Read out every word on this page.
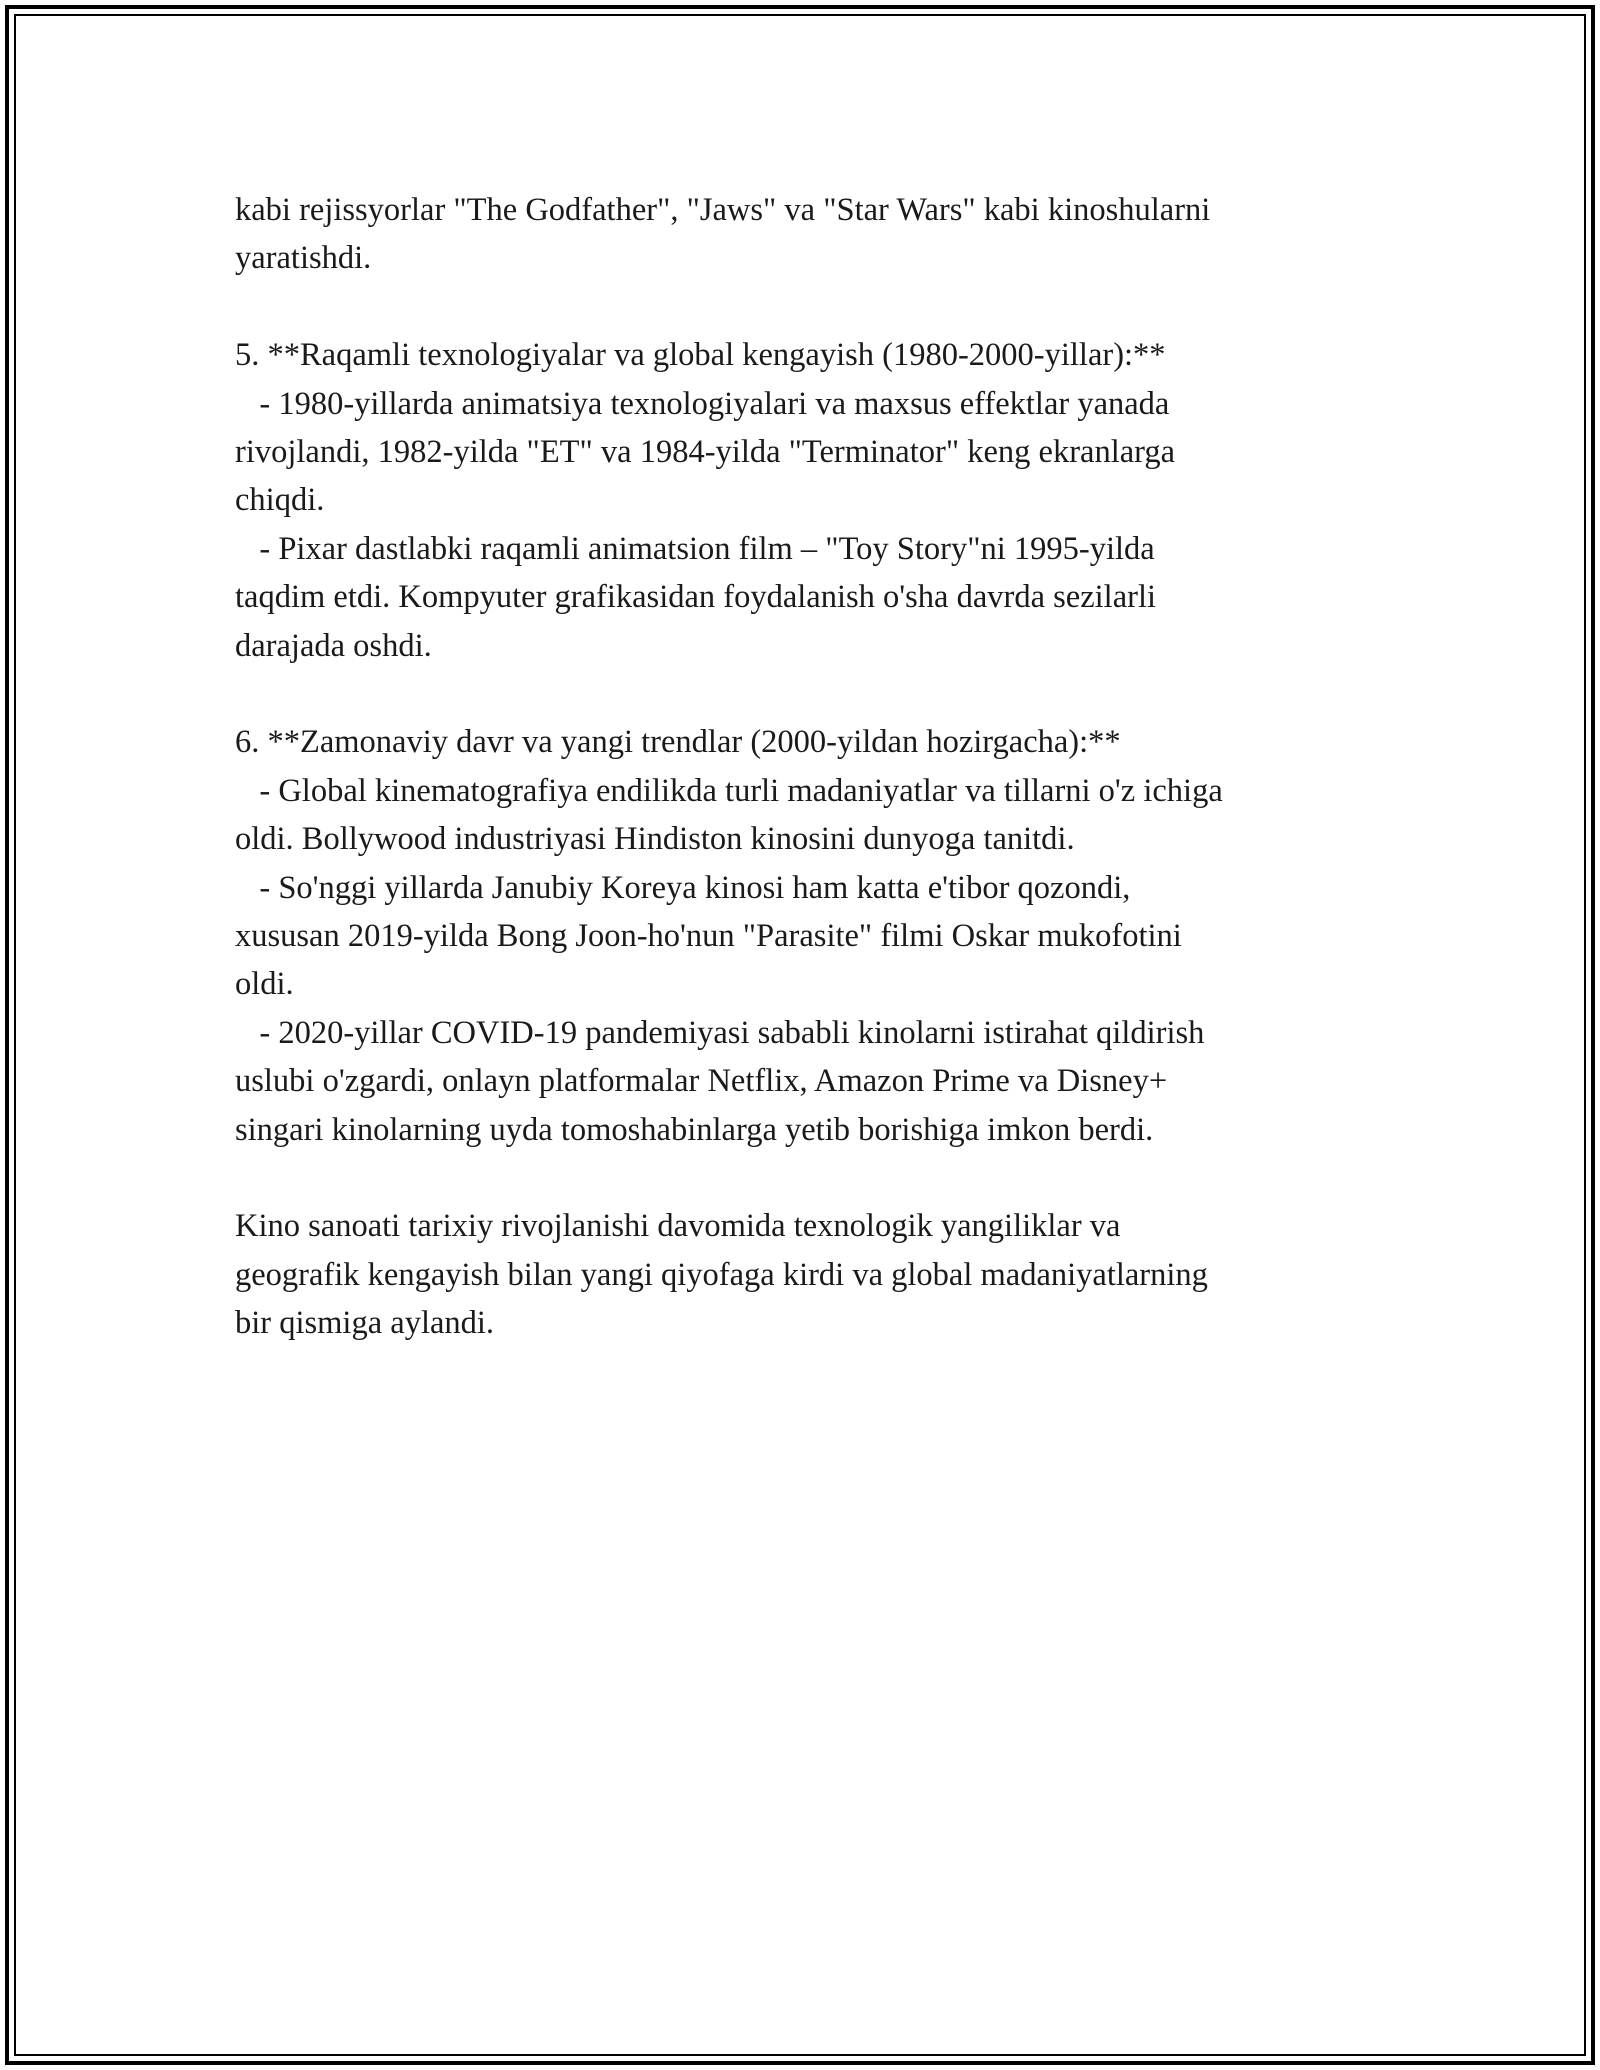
kabi rejissyorlar "The Godfather", "Jaws" va "Star Wars" kabi kinoshularni
yaratishdi.
5. **Raqamli texnologiyalar va global kengayish (1980-2000-yillar):**
- 1980-yillarda animatsiya texnologiyalari va maxsus effektlar yanada
rivojlandi, 1982-yilda "ET" va 1984-yilda "Terminator" keng ekranlarga
chiqdi.
- Pixar dastlabki raqamli animatsion film – "Toy Story"ni 1995-yilda
taqdim etdi. Kompyuter grafikasidan foydalanish o'sha davrda sezilarli
darajada oshdi.
6. **Zamonaviy davr va yangi trendlar (2000-yildan hozirgacha):**
- Global kinematografiya endilikda turli madaniyatlar va tillarni o'z ichiga
oldi. Bollywood industriyasi Hindiston kinosini dunyoga tanitdi.
- So'nggi yillarda Janubiy Koreya kinosi ham katta e'tibor qozondi,
xususan 2019-yilda Bong Joon-ho'nun "Parasite" filmi Oskar mukofotini
oldi.
- 2020-yillar COVID-19 pandemiyasi sababli kinolarni istirahat qildirish
uslubi o'zgardi, onlayn platformalar Netflix, Amazon Prime va Disney+
singari kinolarning uyda tomoshabinlarga yetib borishiga imkon berdi.
Kino sanoati tarixiy rivojlanishi davomida texnologik yangiliklar va
geografik kengayish bilan yangi qiyofaga kirdi va global madaniyatlarning
bir qismiga aylandi.
